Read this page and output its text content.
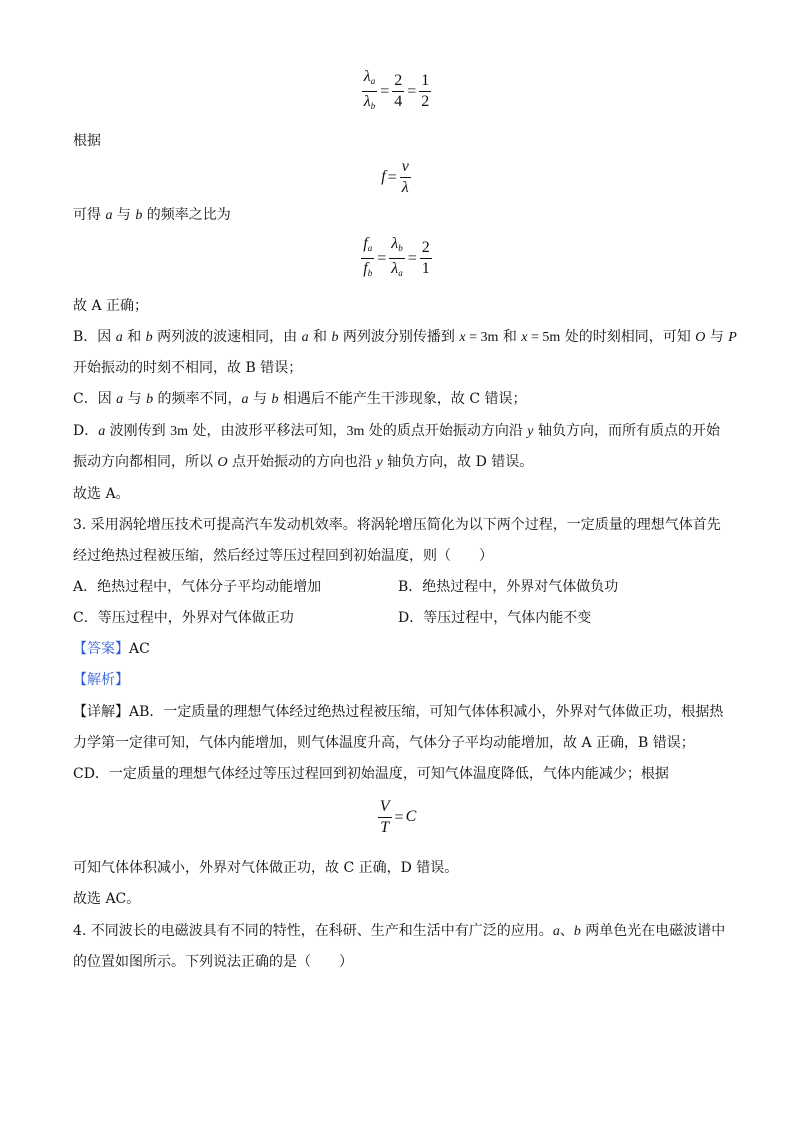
$\frac{\lambda_a}{\lambda_b} = \frac{2}{4} = \frac{1}{2}$
根据
$f = \frac{v}{\lambda}$
可得 a 与 b 的频率之比为
$\frac{f_a}{f_b} = \frac{\lambda_b}{\lambda_a} = \frac{2}{1}$
故 A 正确；
B．因 a 和 b 两列波的波速相同，由 a 和 b 两列波分别传播到 x = 3m 和 x = 5m 处的时刻相同，可知 O 与 P
开始振动的时刻不相同，故 B 错误；
C．因 a 与 b 的频率不同，a 与 b 相遇后不能产生干涉现象，故 C 错误；
D．a 波刚传到 3m 处，由波形平移法可知，3m 处的质点开始振动方向沿 y 轴负方向，而所有质点的开始
振动方向都相同，所以 O 点开始振动的方向也沿 y 轴负方向，故 D 错误。
故选 A。
3. 采用涡轮增压技术可提高汽车发动机效率。将涡轮增压简化为以下两个过程，一定质量的理想气体首先
经过绝热过程被压缩，然后经过等压过程回到初始温度，则（　　）
A．绝热过程中，气体分子平均动能增加	B．绝热过程中，外界对气体做负功
C．等压过程中，外界对气体做正功	D．等压过程中，气体内能不变
【答案】AC
【解析】
【详解】AB．一定质量的理想气体经过绝热过程被压缩，可知气体体积减小，外界对气体做正功，根据热
力学第一定律可知，气体内能增加，则气体温度升高，气体分子平均动能增加，故 A 正确，B 错误；
CD．一定质量的理想气体经过等压过程回到初始温度，可知气体温度降低，气体内能减少；根据
$\frac{V}{T} = C$
可知气体体积减小，外界对气体做正功，故 C 正确，D 错误。
故选 AC。
4. 不同波长的电磁波具有不同的特性，在科研、生产和生活中有广泛的应用。a、b 两单色光在电磁波谱中
的位置如图所示。下列说法正确的是（　　）
